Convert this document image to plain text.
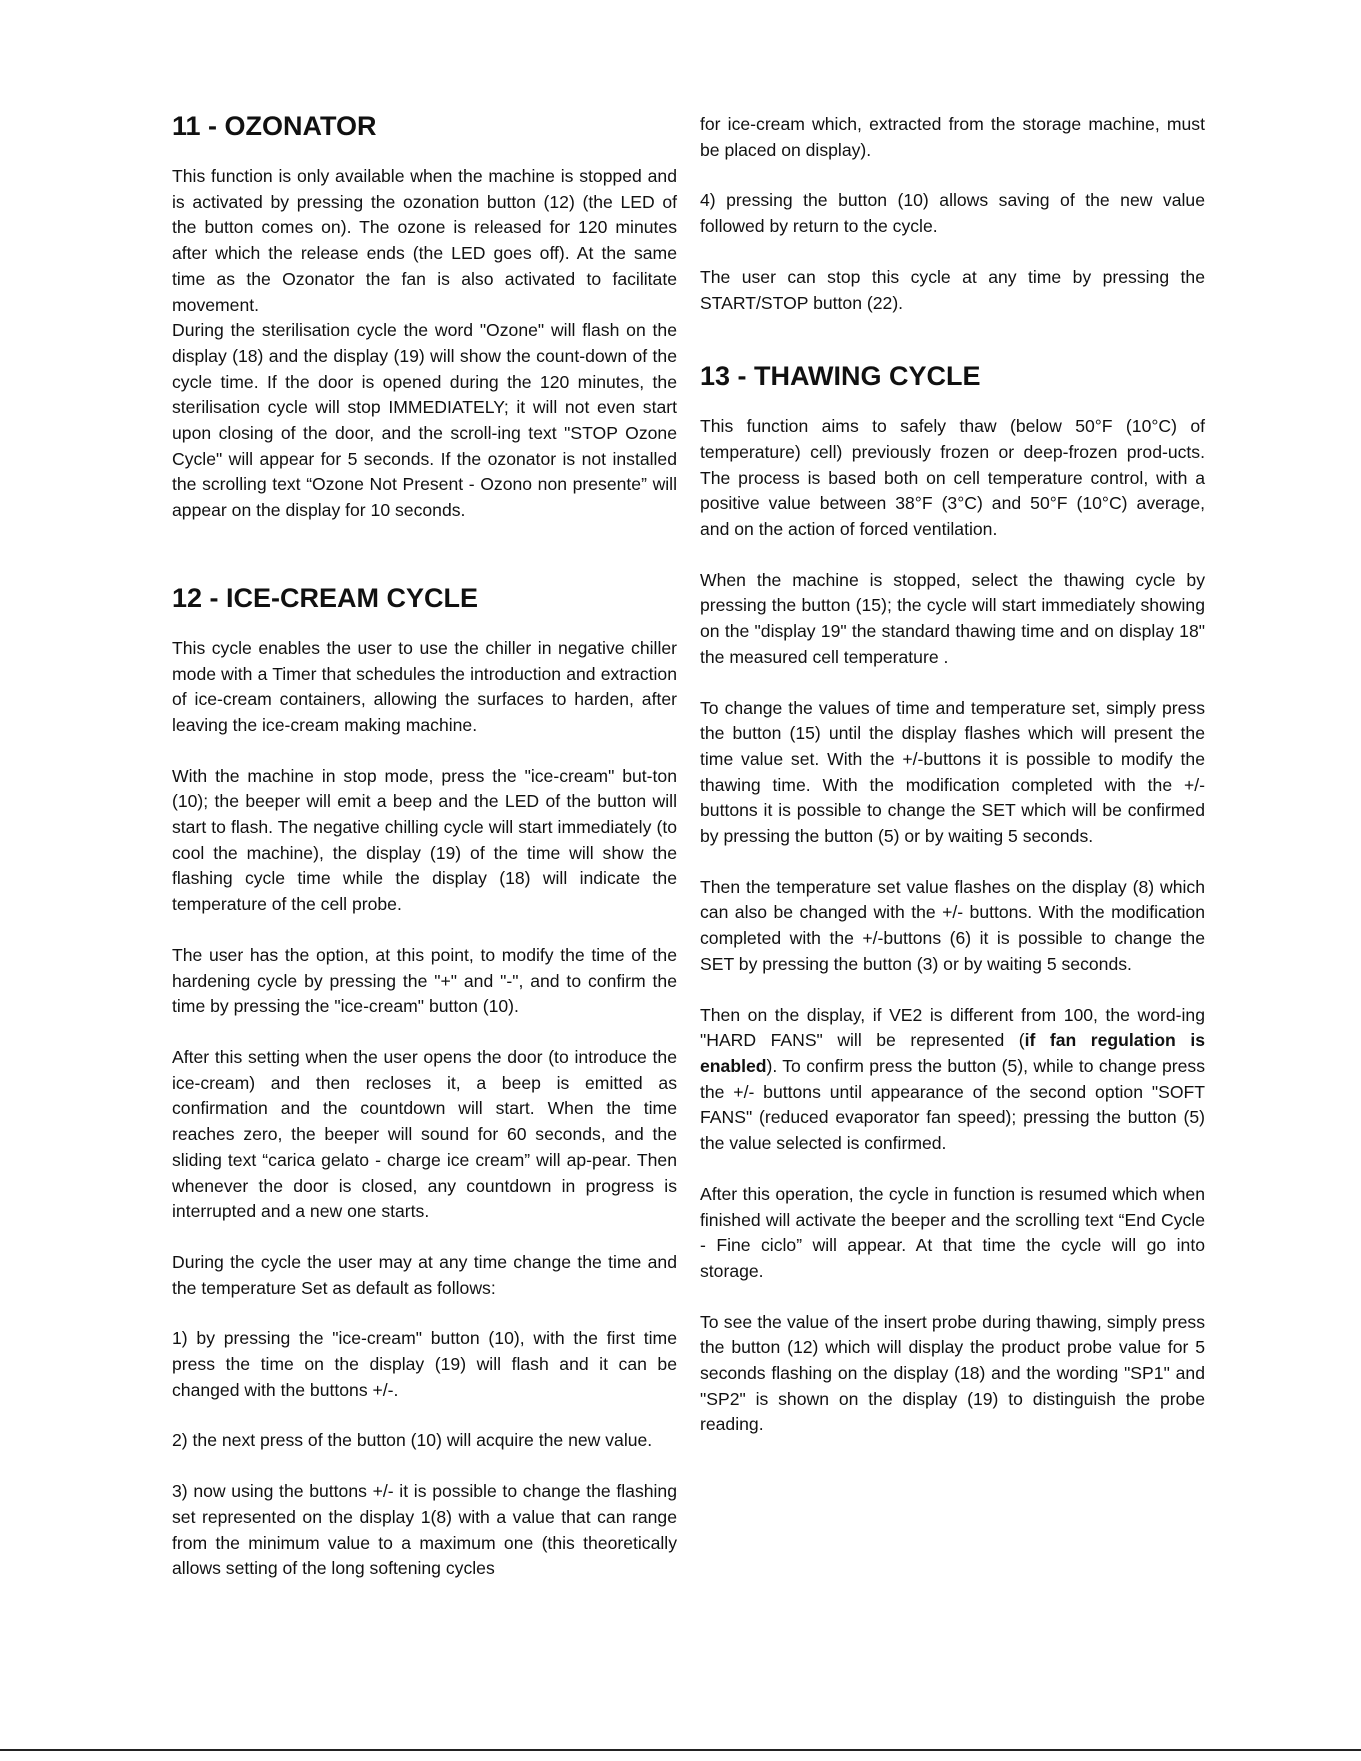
11 - OZONATOR

This function is only available when the machine is stopped and is activated by pressing the ozonation button (12) (the LED of the button comes on). The ozone is released for 120 minutes after which the release ends (the LED goes off). At the same time as the Ozonator the fan is also activated to facilitate movement.

During the sterilisation cycle the word "Ozone" will flash on the display (18) and the display (19) will show the count-down of the cycle time. If the door is opened during the 120 minutes, the sterilisation cycle will stop IMMEDIATELY; it will not even start upon closing of the door, and the scroll-ing text "STOP Ozone Cycle" will appear for 5 seconds. If the ozonator is not installed the scrolling text “Ozone Not Present - Ozono non presente” will appear on the display for 10 seconds.

12 - ICE-CREAM CYCLE

This cycle enables the user to use the chiller in negative chiller mode with a Timer that schedules the introduction and extraction of ice-cream containers, allowing the surfaces to harden, after leaving the ice-cream making machine.

With the machine in stop mode, press the "ice-cream" but-ton (10); the beeper will emit a beep and the LED of the button will start to flash. The negative chilling cycle will start immediately (to cool the machine), the display (19) of the time will show the flashing cycle time while the display (18) will indicate the temperature of the cell probe.

The user has the option, at this point, to modify the time of the hardening cycle by pressing the "+" and "-", and to confirm the time by pressing the "ice-cream" button (10).

After this setting when the user opens the door (to introduce the ice-cream) and then recloses it, a beep is emitted as confirmation and the countdown will start. When the time reaches zero, the beeper will sound for 60 seconds, and the sliding text “carica gelato - charge ice cream” will ap-pear. Then whenever the door is closed, any countdown in progress is interrupted and a new one starts.

During the cycle the user may at any time change the time and the temperature Set as default as follows:

1) by pressing the "ice-cream" button (10), with the first time press the time on the display (19) will flash and it can be changed with the buttons +/-.

2) the next press of the button (10) will acquire the new value.

3) now using the buttons +/- it is possible to change the flashing set represented on the display 1(8) with a value that can range from the minimum value to a maximum one (this theoretically allows setting of the long softening cycles

for ice-cream which, extracted from the storage machine, must be placed on display).

4) pressing the button (10) allows saving of the new value followed by return to the cycle.

The user can stop this cycle at any time by pressing the START/STOP button (22).

13 - THAWING CYCLE

This function aims to safely thaw (below 50°F (10°C) of temperature) cell) previously frozen or deep-frozen prod-ucts. The process is based both on cell temperature control, with a positive value between 38°F (3°C) and 50°F (10°C) average, and on the action of forced ventilation.

When the machine is stopped, select the thawing cycle by pressing the button (15); the cycle will start immediately showing on the "display 19" the standard thawing time and on display 18" the measured cell temperature .

To change the values of time and temperature set, simply press the button (15) until the display flashes which will present the time value set. With the +/-buttons it is possible to modify the thawing time. With the modification completed with the +/-buttons it is possible to change the SET which will be confirmed by pressing the button (5) or by waiting 5 seconds.

Then the temperature set value flashes on the display (8) which can also be changed with the +/- buttons. With the modification completed with the +/-buttons (6) it is possible to change the SET by pressing the button (3) or by waiting 5 seconds.

Then on the display, if VE2 is different from 100, the word-ing "HARD FANS" will be represented (if fan regulation is enabled). To confirm press the button (5), while to change press the +/- buttons until appearance of the second option "SOFT FANS" (reduced evaporator fan speed); pressing the button (5) the value selected is confirmed.

After this operation, the cycle in function is resumed which when finished will activate the beeper and the scrolling text “End Cycle - Fine ciclo” will appear. At that time the cycle will go into storage.

To see the value of the insert probe during thawing, simply press the button (12) which will display the product probe value for 5 seconds flashing on the display (18) and the wording "SP1" and "SP2" is shown on the display (19) to distinguish the probe reading.
